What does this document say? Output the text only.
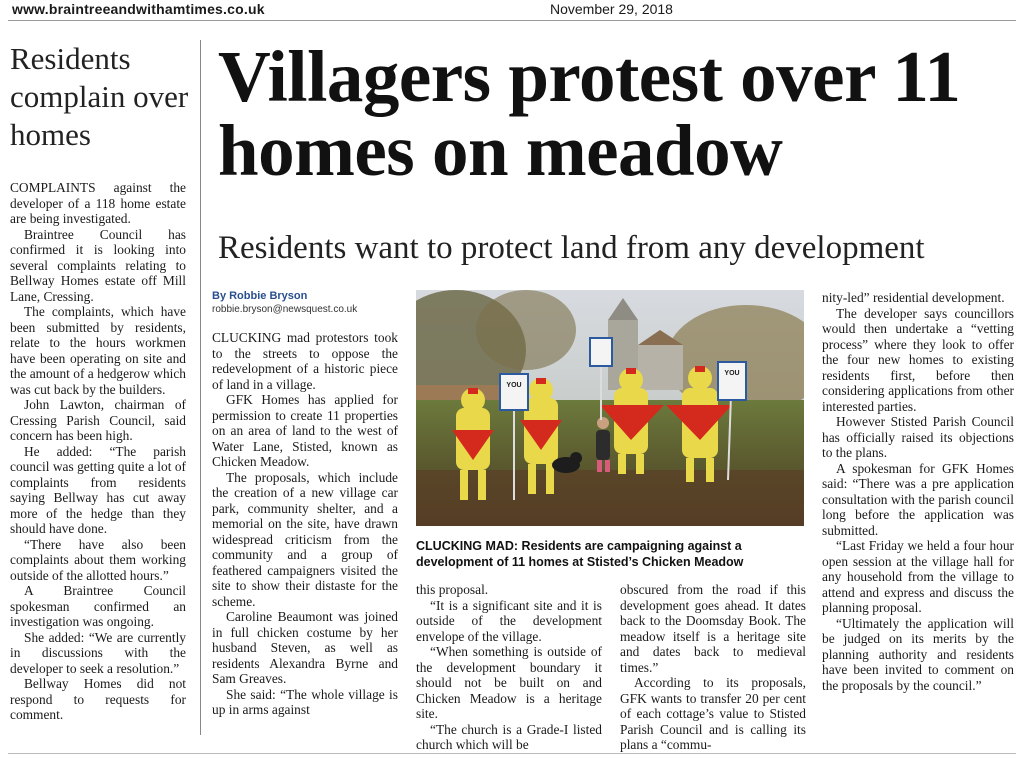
www.braintreeandwithamtimes.co.uk	November 29, 2018
Residents complain over homes

COMPLAINTS against the developer of a 118 home estate are being investigated.

Braintree Council has confirmed it is looking into several complaints relating to Bellway Homes estate off Mill Lane, Cressing.

The complaints, which have been submitted by residents, relate to the hours workmen have been operating on site and the amount of a hedgerow which was cut back by the builders.

John Lawton, chairman of Cressing Parish Council, said concern has been high.

He added: “The parish council was getting quite a lot of complaints from residents saying Bellway has cut away more of the hedge than they should have done.

“There have also been complaints about them working outside of the allotted hours.”

A Braintree Council spokesman confirmed an investigation was ongoing.

She added: “We are currently in discussions with the developer to seek a resolution.”

Bellway Homes did not respond to requests for comment.

Villagers protest over 11 homes on meadow
Residents want to protect land from any development
By Robbie Bryson
robbie.bryson@newsquest.co.uk

CLUCKING mad protestors took to the streets to oppose the redevelopment of a historic piece of land in a village.

GFK Homes has applied for permission to create 11 properties on an area of land to the west of Water Lane, Stisted, known as Chicken Meadow.

The proposals, which include the creation of a new village car park, community shelter, and a memorial on the site, have drawn widespread criticism from the community and a group of feathered campaigners visited the site to show their distaste for the scheme.

Caroline Beaumont was joined in full chicken costume by her husband Steven, as well as residents Alexandra Byrne and Sam Greaves.

She said: “The whole village is up in arms against

YOU
YOU
CLUCKING MAD: Residents are campaigning against a development of 11 homes at Stisted’s Chicken Meadow

this proposal.

“It is a significant site and it is outside of the development envelope of the village.

“When something is outside of the development boundary it should not be built on and Chicken Meadow is a heritage site.

“The church is a Grade-I listed church which will be

obscured from the road if this development goes ahead. It dates back to the Doomsday Book. The meadow itself is a heritage site and dates back to medieval times.”

According to its proposals, GFK wants to transfer 20 per cent of each cottage’s value to Stisted Parish Council and is calling its plans a “commu-

nity-led” residential development.

The developer says councillors would then undertake a “vetting process” where they look to offer the four new homes to existing residents first, before then considering applications from other interested parties.

However Stisted Parish Council has officially raised its objections to the plans.

A spokesman for GFK Homes said: “There was a pre application consultation with the parish council long before the application was submitted.

“Last Friday we held a four hour open session at the village hall for any household from the village to attend and express and discuss the planning proposal.

“Ultimately the application will be judged on its merits by the planning authority and residents have been invited to comment on the proposals by the council.”
